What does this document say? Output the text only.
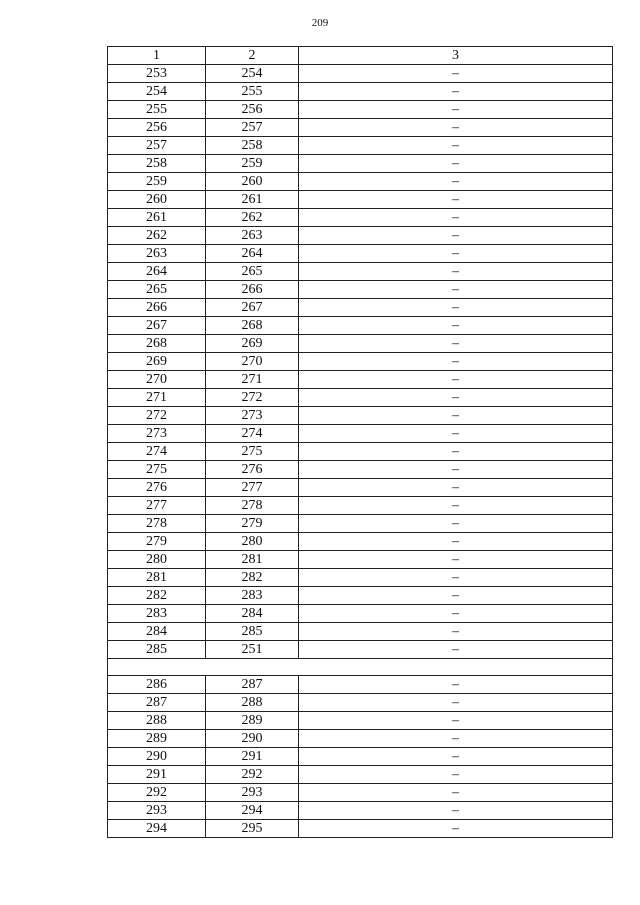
209
1	2	3
253	254	–
254	255	–
255	256	–
256	257	–
257	258	–
258	259	–
259	260	–
260	261	–
261	262	–
262	263	–
263	264	–
264	265	–
265	266	–
266	267	–
267	268	–
268	269	–
269	270	–
270	271	–
271	272	–
272	273	–
273	274	–
274	275	–
275	276	–
276	277	–
277	278	–
278	279	–
279	280	–
280	281	–
281	282	–
282	283	–
283	284	–
284	285	–
285	251	–

286	287	–
287	288	–
288	289	–
289	290	–
290	291	–
291	292	–
292	293	–
293	294	–
294	295	–
